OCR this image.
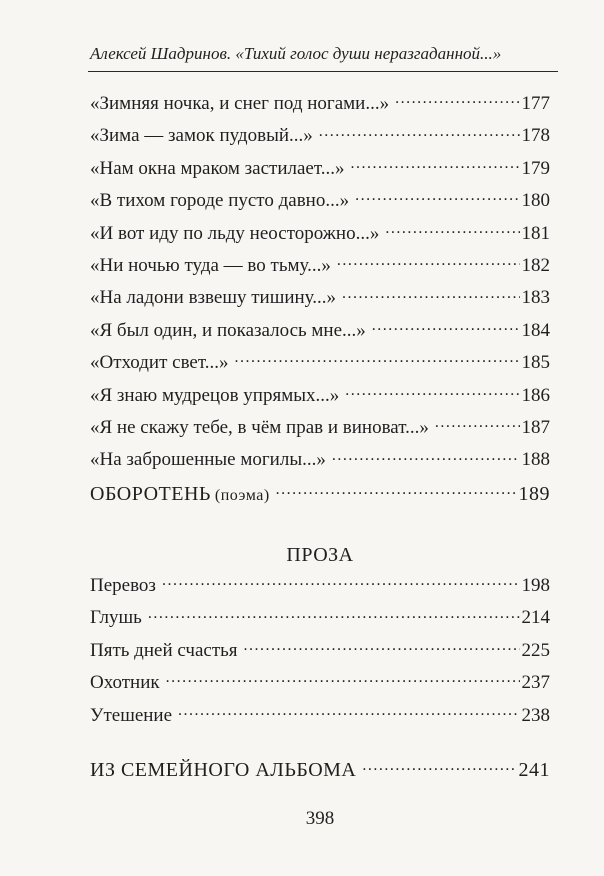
Алексей Шадринов. «Тихий голос души неразгаданной...»
«Зимняя ночка, и снег под ногами...» .....	177
«Зима — замок пудовый...» .....	178
«Нам окна мраком застилает...» .....	179
«В тихом городе пусто давно...» .....	180
«И вот иду по льду неосторожно...» .....	181
«Ни ночью туда — во тьму...» .....	182
«На ладони взвешу тишину...» .....	183
«Я был один, и показалось мне...» .....	184
«Отходит свет...» .....	185
«Я знаю мудрецов упрямых...» .....	186
«Я не скажу тебе, в чём прав и виноват...» .....	187
«На заброшенные могилы...» .....	188
ОБОРОТЕНЬ (поэма) .....	189
ПРОЗА
Перевоз .....	198
Глушь .....	214
Пять дней счастья .....	225
Охотник .....	237
Утешение .....	238
ИЗ СЕМЕЙНОГО АЛЬБОМА .....	241
398
